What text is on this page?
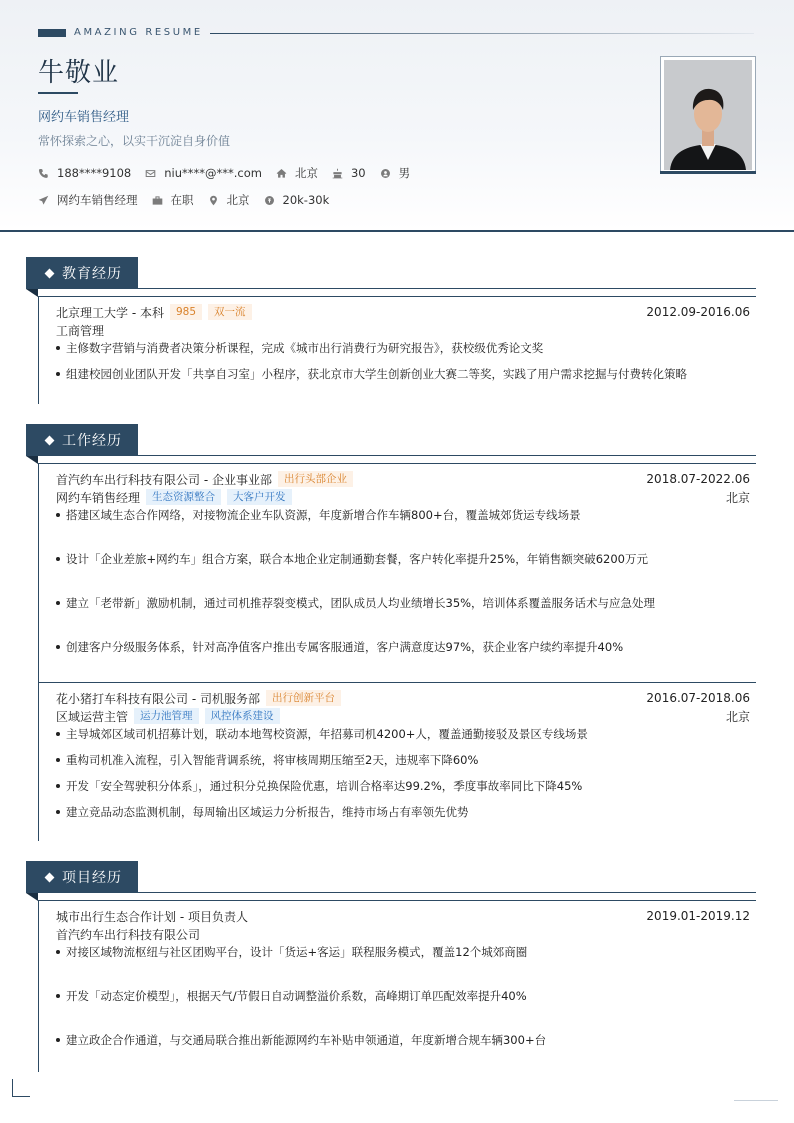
AMAZING RESUME
牛敬业
网约车销售经理
常怀探索之心，以实干沉淀自身价值
188****9108	niu****@***.com	北京	30	男
网约车销售经理	在职	北京	20k-30k
教育经历
北京理工大学 - 本科	985	双一流	2012.09-2016.06
工商管理
主修数字营销与消费者决策分析课程，完成《城市出行消费行为研究报告》，获校级优秀论文奖
组建校园创业团队开发「共享自习室」小程序，获北京市大学生创新创业大赛二等奖，实践了用户需求挖掘与付费转化策略
工作经历
首汽约车出行科技有限公司 - 企业事业部	出行头部企业	2018.07-2022.06
网约车销售经理	生态资源整合	大客户开发	北京
搭建区域生态合作网络，对接物流企业车队资源，年度新增合作车辆800+台，覆盖城郊货运专线场景
设计「企业差旅+网约车」组合方案，联合本地企业定制通勤套餐，客户转化率提升25%，年销售额突破6200万元
建立「老带新」激励机制，通过司机推荐裂变模式，团队成员人均业绩增长35%，培训体系覆盖服务话术与应急处理
创建客户分级服务体系，针对高净值客户推出专属客服通道，客户满意度达97%，获企业客户续约率提升40%
花小猪打车科技有限公司 - 司机服务部	出行创新平台	2016.07-2018.06
区域运营主管	运力池管理	风控体系建设	北京
主导城郊区域司机招募计划，联动本地驾校资源，年招募司机4200+人，覆盖通勤接驳及景区专线场景
重构司机准入流程，引入智能背调系统，将审核周期压缩至2天，违规率下降60%
开发「安全驾驶积分体系」，通过积分兑换保险优惠，培训合格率达99.2%，季度事故率同比下降45%
建立竞品动态监测机制，每周输出区域运力分析报告，维持市场占有率领先优势
项目经历
城市出行生态合作计划 - 项目负责人	2019.01-2019.12
首汽约车出行科技有限公司
对接区域物流枢纽与社区团购平台，设计「货运+客运」联程服务模式，覆盖12个城郊商圈
开发「动态定价模型」，根据天气/节假日自动调整溢价系数，高峰期订单匹配效率提升40%
建立政企合作通道，与交通局联合推出新能源网约车补贴申领通道，年度新增合规车辆300+台
